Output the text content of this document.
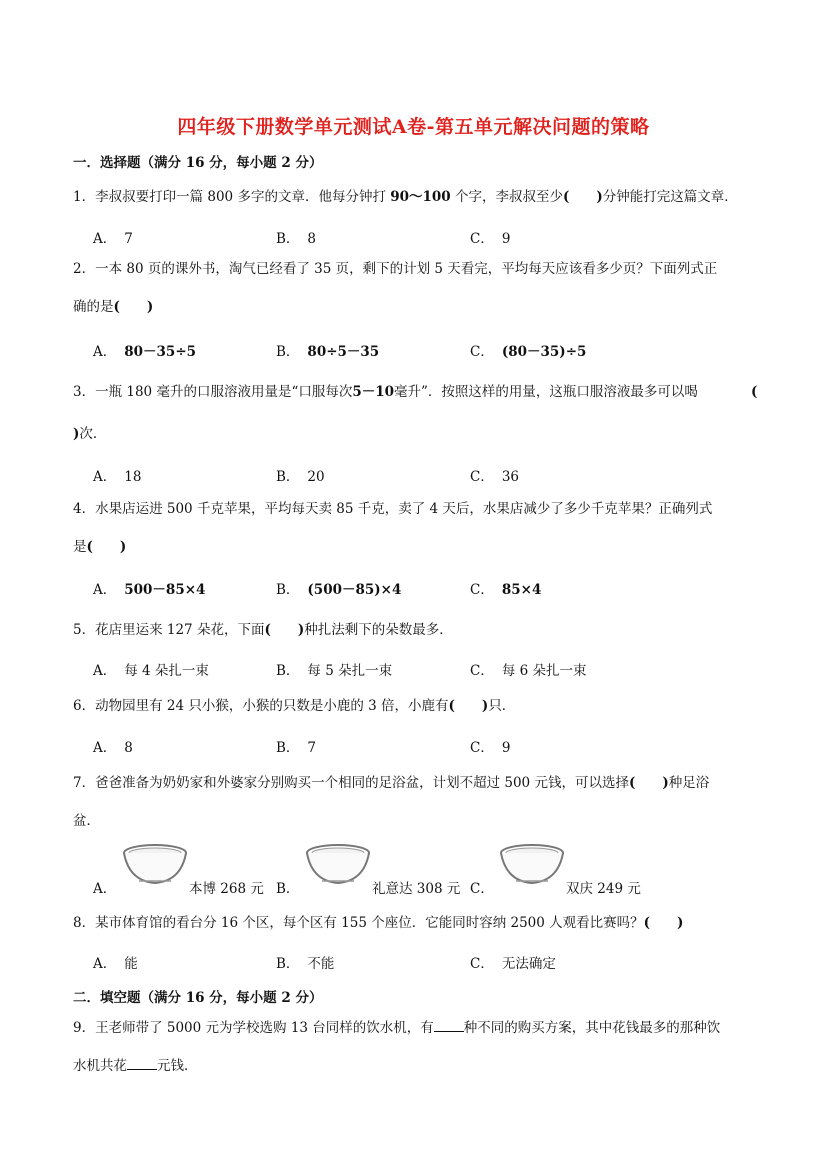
四年级下册数学单元测试A卷-第五单元解决问题的策略
一．选择题（满分 16 分，每小题 2 分）
1．李叔叔要打印一篇 800 多字的文章．他每分钟打 90～100 个字，李叔叔至少(　　)分钟能打完这篇文章．
A． 7	B． 8	C． 9
2．一本 80 页的课外书，淘气已经看了 35 页，剩下的计划 5 天看完，平均每天应该看多少页？下面列式正
确的是(　　)
A． 80－35÷5	B． 80÷5－35	C． (80－35)÷5
3．一瓶 180 毫升的口服溶液用量是“口服每次5－10毫升”．按照这样的用量，这瓶口服溶液最多可以喝	(
)次．
A． 18	B． 20	C． 36
4．水果店运进 500 千克苹果，平均每天卖 85 千克，卖了 4 天后，水果店减少了多少千克苹果？正确列式
是(　　)
A． 500－85×4	B． (500－85)×4	C． 85×4
5．花店里运来 127 朵花，下面(　　)种扎法剩下的朵数最多．
A． 每 4 朵扎一束	B． 每 5 朵扎一束	C． 每 6 朵扎一束
6．动物园里有 24 只小猴，小猴的只数是小鹿的 3 倍，小鹿有(　　)只．
A． 8	B． 7	C． 9
7．爸爸准备为奶奶家和外婆家分别购买一个相同的足浴盆，计划不超过 500 元钱，可以选择(　　)种足浴
盆．
A．	本博 268 元 B．	礼意达 308 元 C．	双庆 249 元
8．某市体育馆的看台分 16 个区，每个区有 155 个座位．它能同时容纳 2500 人观看比赛吗？(　　)
A． 能	B． 不能	C． 无法确定
二．填空题（满分 16 分，每小题 2 分）
9．王老师带了 5000 元为学校选购 13 台同样的饮水机，有 种不同的购买方案，其中花钱最多的那种饮
水机共花 元钱．
